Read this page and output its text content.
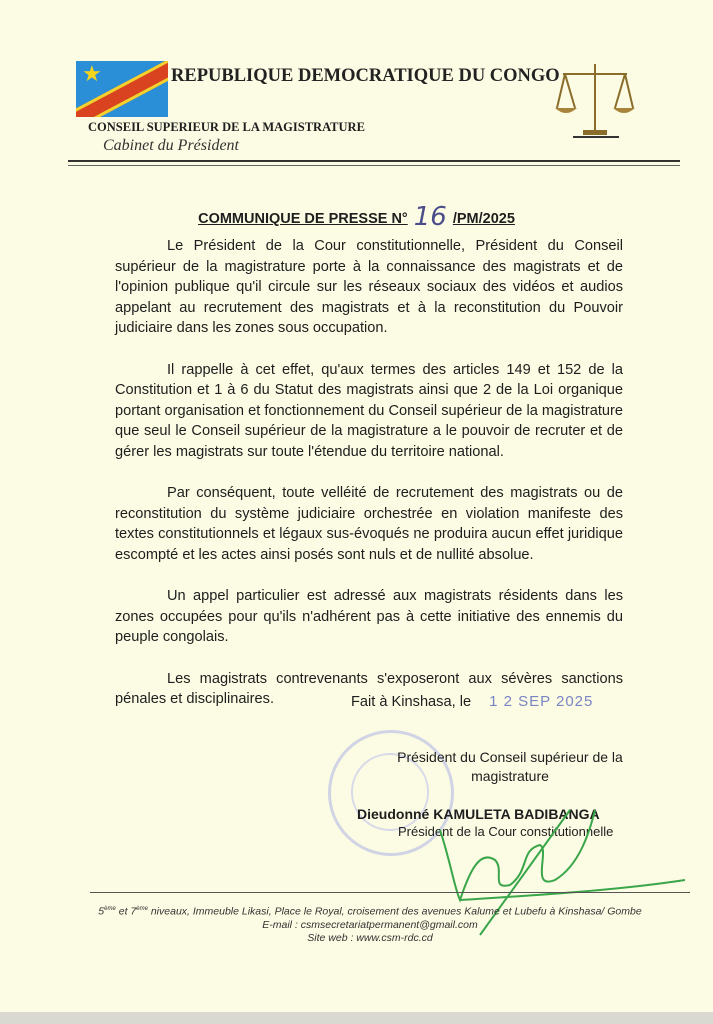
★	REPUBLIQUE DEMOCRATIQUE DU CONGO
CONSEIL SUPERIEUR DE LA MAGISTRATURE
Cabinet du Président
COMMUNIQUE DE PRESSE N° 16 /PM/2025

Le Président de la Cour constitutionnelle, Président du Conseil supérieur de la magistrature porte à la connaissance des magistrats et de l'opinion publique qu'il circule sur les réseaux sociaux des vidéos et audios appelant au recrutement des magistrats et à la reconstitution du Pouvoir judiciaire dans les zones sous occupation.

Il rappelle à cet effet, qu'aux termes des articles 149 et 152 de la Constitution et 1 à 6 du Statut des magistrats ainsi que 2 de la Loi organique portant organisation et fonctionnement du Conseil supérieur de la magistrature que seul le Conseil supérieur de la magistrature a le pouvoir de recruter et de gérer les magistrats sur toute l'étendue du territoire national.

Par conséquent, toute velléité de recrutement des magistrats ou de reconstitution du système judiciaire orchestrée en violation manifeste des textes constitutionnels et légaux sus-évoqués ne produira aucun effet juridique escompté et les actes ainsi posés sont nuls et de nullité absolue.

Un appel particulier est adressé aux magistrats résidents dans les zones occupées pour qu'ils n'adhérent pas à cette initiative des ennemis du peuple congolais.

Les magistrats contrevenants s'exposeront aux sévères sanctions pénales et disciplinaires.	Fait à Kinshasa, le 1 2 SEP 2025
Président du Conseil supérieur de la
magistrature
Dieudonné KAMULETA BADIBANGA
Président de la Cour constitutionnelle
5ème et 7ème niveaux, Immeuble Likasi, Place le Royal, croisement des avenues Kalume et Lubefu à Kinshasa/ Gombe
E-mail : csmsecretariatpermanent@gmail.com
Site web : www.csm-rdc.cd
